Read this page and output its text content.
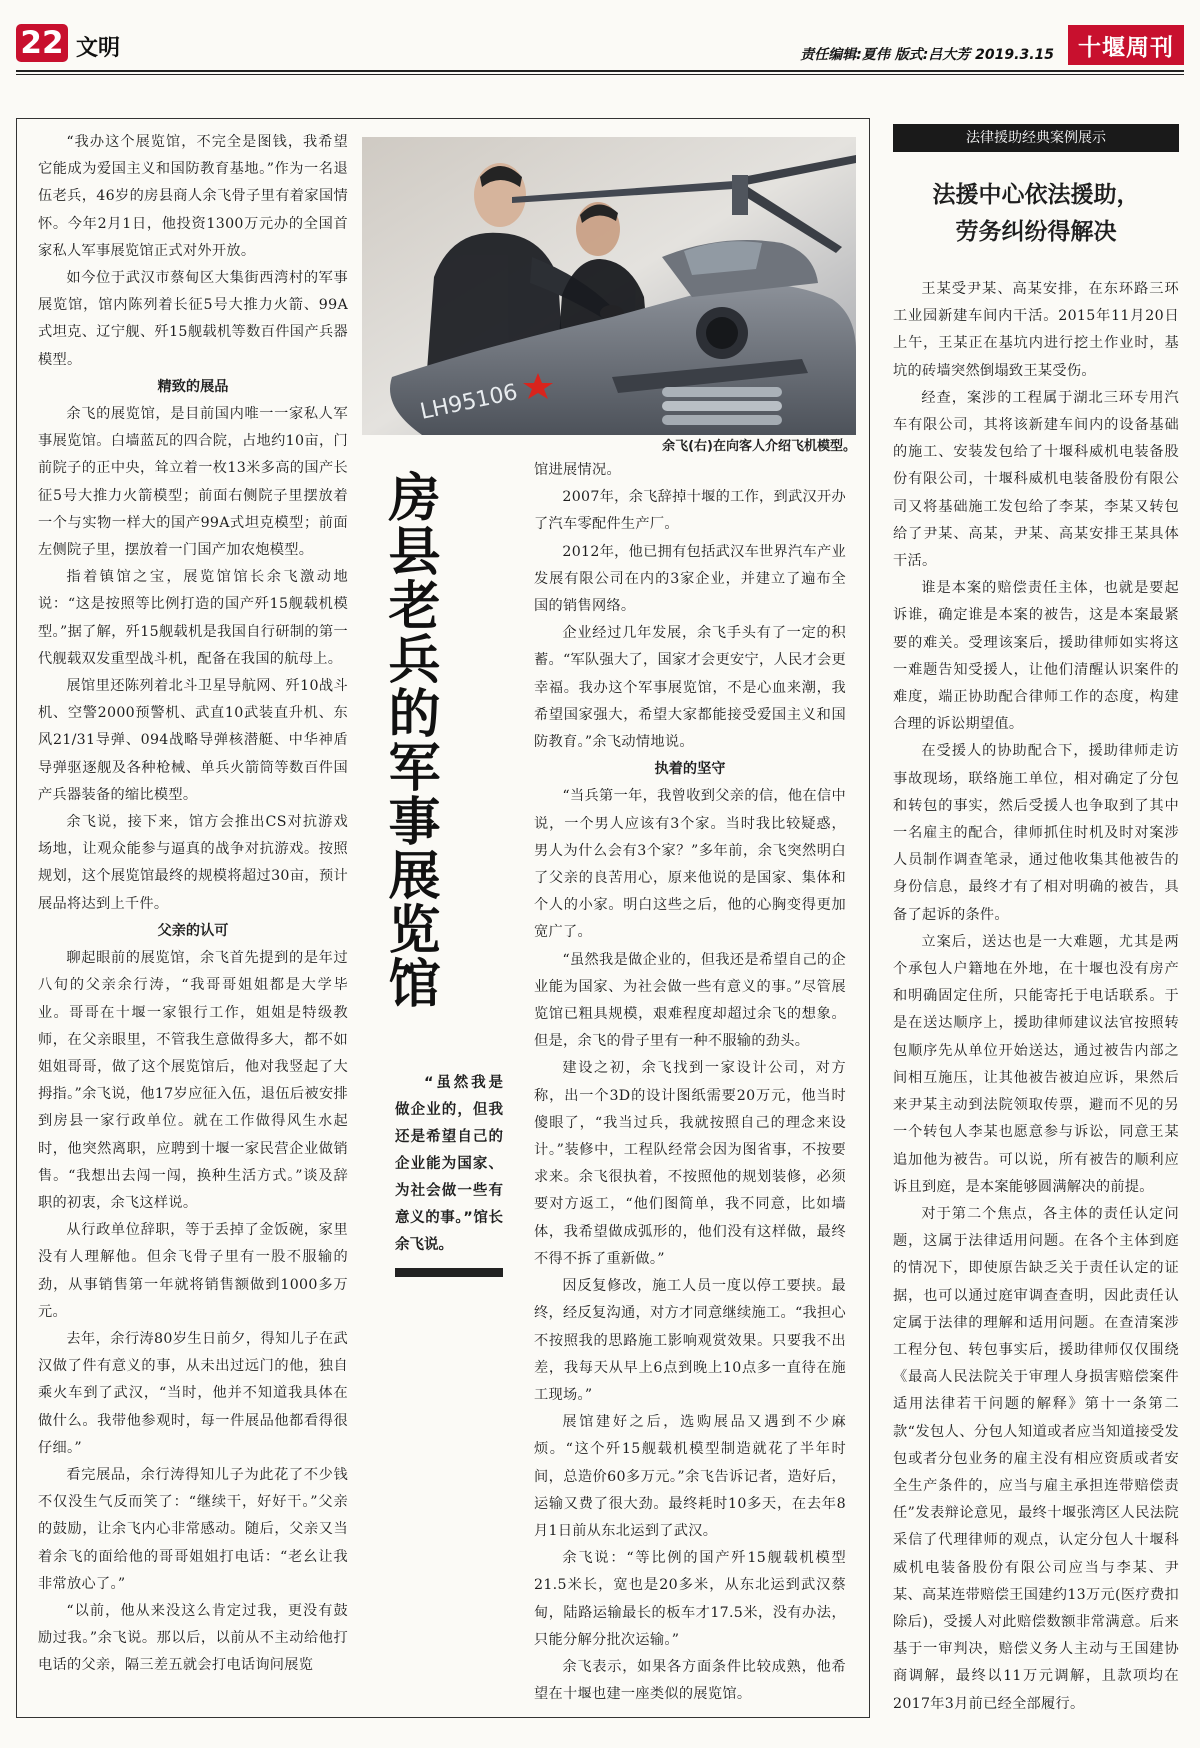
22 文明	责任编辑:夏伟 版式:吕大芳 2019.3.15	十堰周刊

“我办这个展览馆，不完全是图钱，我希望它能成为爱国主义和国防教育基地。”作为一名退伍老兵，46岁的房县商人余飞骨子里有着家国情怀。今年2月1日，他投资1300万元办的全国首家私人军事展览馆正式对外开放。

如今位于武汉市蔡甸区大集街西湾村的军事展览馆，馆内陈列着长征5号大推力火箭、99A式坦克、辽宁舰、歼15舰载机等数百件国产兵器模型。

精致的展品

余飞的展览馆，是目前国内唯一一家私人军事展览馆。白墙蓝瓦的四合院，占地约10亩，门前院子的正中央，耸立着一枚13米多高的国产长征5号大推力火箭模型；前面右侧院子里摆放着一个与实物一样大的国产99A式坦克模型；前面左侧院子里，摆放着一门国产加农炮模型。

指着镇馆之宝，展览馆馆长余飞激动地说：“这是按照等比例打造的国产歼15舰载机模型。”据了解，歼15舰载机是我国自行研制的第一代舰载双发重型战斗机，配备在我国的航母上。

展馆里还陈列着北斗卫星导航网、歼10战斗机、空警2000预警机、武直10武装直升机、东风21/31导弹、094战略导弹核潜艇、中华神盾导弹驱逐舰及各种枪械、单兵火箭筒等数百件国产兵器装备的缩比模型。

余飞说，接下来，馆方会推出CS对抗游戏场地，让观众能参与逼真的战争对抗游戏。按照规划，这个展览馆最终的规模将超过30亩，预计展品将达到上千件。

父亲的认可

聊起眼前的展览馆，余飞首先提到的是年过八旬的父亲余行涛，“我哥哥姐姐都是大学毕业。哥哥在十堰一家银行工作，姐姐是特级教师，在父亲眼里，不管我生意做得多大，都不如姐姐哥哥，做了这个展览馆后，他对我竖起了大拇指。”余飞说，他17岁应征入伍，退伍后被安排到房县一家行政单位。就在工作做得风生水起时，他突然离职，应聘到十堰一家民营企业做销售。“我想出去闯一闯，换种生活方式。”谈及辞职的初衷，余飞这样说。

从行政单位辞职，等于丢掉了金饭碗，家里没有人理解他。但余飞骨子里有一股不服输的劲，从事销售第一年就将销售额做到1000多万元。

去年，余行涛80岁生日前夕，得知儿子在武汉做了件有意义的事，从未出过远门的他，独自乘火车到了武汉，“当时，他并不知道我具体在做什么。我带他参观时，每一件展品他都看得很仔细。”

看完展品，余行涛得知儿子为此花了不少钱不仅没生气反而笑了：“继续干，好好干。”父亲的鼓励，让余飞内心非常感动。随后，父亲又当着余飞的面给他的哥哥姐姐打电话：“老幺让我非常放心了。”

“以前，他从来没这么肯定过我，更没有鼓励过我。”余飞说。那以后，以前从不主动给他打电话的父亲，隔三差五就会打电话询问展览

LH95106
余飞(右)在向客人介绍飞机模型。
房县老兵的军事展览馆
“虽然我是做企业的，但我还是希望自己的企业能为国家、为社会做一些有意义的事。”馆长余飞说。

馆进展情况。

2007年，余飞辞掉十堰的工作，到武汉开办了汽车零配件生产厂。

2012年，他已拥有包括武汉车世界汽车产业发展有限公司在内的3家企业，并建立了遍布全国的销售网络。

企业经过几年发展，余飞手头有了一定的积蓄。“军队强大了，国家才会更安宁，人民才会更幸福。我办这个军事展览馆，不是心血来潮，我希望国家强大，希望大家都能接受爱国主义和国防教育。”余飞动情地说。

执着的坚守

“当兵第一年，我曾收到父亲的信，他在信中说，一个男人应该有3个家。当时我比较疑惑，男人为什么会有3个家？”多年前，余飞突然明白了父亲的良苦用心，原来他说的是国家、集体和个人的小家。明白这些之后，他的心胸变得更加宽广了。

“虽然我是做企业的，但我还是希望自己的企业能为国家、为社会做一些有意义的事。”尽管展览馆已粗具规模，艰难程度却超过余飞的想象。但是，余飞的骨子里有一种不服输的劲头。

建设之初，余飞找到一家设计公司，对方称，出一个3D的设计图纸需要20万元，他当时傻眼了，“我当过兵，我就按照自己的理念来设计。”装修中，工程队经常会因为图省事，不按要求来。余飞很执着，不按照他的规划装修，必须要对方返工，“他们图简单，我不同意，比如墙体，我希望做成弧形的，他们没有这样做，最终不得不拆了重新做。”

因反复修改，施工人员一度以停工要挟。最终，经反复沟通，对方才同意继续施工。“我担心不按照我的思路施工影响观赏效果。只要我不出差，我每天从早上6点到晚上10点多一直待在施工现场。”

展馆建好之后，选购展品又遇到不少麻烦。“这个歼15舰载机模型制造就花了半年时间，总造价60多万元。”余飞告诉记者，造好后，运输又费了很大劲。最终耗时10多天，在去年8月1日前从东北运到了武汉。

余飞说：“等比例的国产歼15舰载机模型21.5米长，宽也是20多米，从东北运到武汉蔡甸，陆路运输最长的板车才17.5米，没有办法，只能分解分批次运输。”

余飞表示，如果各方面条件比较成熟，他希望在十堰也建一座类似的展览馆。

法律援助经典案例展示
法援中心依法援助，
劳务纠纷得解决

王某受尹某、高某安排，在东环路三环工业园新建车间内干活。2015年11月20日上午，王某正在基坑内进行挖土作业时，基坑的砖墙突然倒塌致王某受伤。

经查，案涉的工程属于湖北三环专用汽车有限公司，其将该新建车间内的设备基础的施工、安装发包给了十堰科威机电装备股份有限公司，十堰科威机电装备股份有限公司又将基础施工发包给了李某，李某又转包给了尹某、高某，尹某、高某安排王某具体干活。

谁是本案的赔偿责任主体，也就是要起诉谁，确定谁是本案的被告，这是本案最紧要的难关。受理该案后，援助律师如实将这一难题告知受援人，让他们清醒认识案件的难度，端正协助配合律师工作的态度，构建合理的诉讼期望值。

在受援人的协助配合下，援助律师走访事故现场，联络施工单位，相对确定了分包和转包的事实，然后受援人也争取到了其中一名雇主的配合，律师抓住时机及时对案涉人员制作调查笔录，通过他收集其他被告的身份信息，最终才有了相对明确的被告，具备了起诉的条件。

立案后，送达也是一大难题，尤其是两个承包人户籍地在外地，在十堰也没有房产和明确固定住所，只能寄托于电话联系。于是在送达顺序上，援助律师建议法官按照转包顺序先从单位开始送达，通过被告内部之间相互施压，让其他被告被迫应诉，果然后来尹某主动到法院领取传票，避而不见的另一个转包人李某也愿意参与诉讼，同意王某追加他为被告。可以说，所有被告的顺利应诉且到庭，是本案能够圆满解决的前提。

对于第二个焦点，各主体的责任认定问题，这属于法律适用问题。在各个主体到庭的情况下，即使原告缺乏关于责任认定的证据，也可以通过庭审调查查明，因此责任认定属于法律的理解和适用问题。在查清案涉工程分包、转包事实后，援助律师仅仅围绕《最高人民法院关于审理人身损害赔偿案件适用法律若干问题的解释》第十一条第二款“发包人、分包人知道或者应当知道接受发包或者分包业务的雇主没有相应资质或者安全生产条件的，应当与雇主承担连带赔偿责任”发表辩论意见，最终十堰张湾区人民法院采信了代理律师的观点，认定分包人十堰科威机电装备股份有限公司应当与李某、尹某、高某连带赔偿王国建约13万元(医疗费扣除后)，受援人对此赔偿数额非常满意。后来基于一审判决，赔偿义务人主动与王国建协商调解，最终以11万元调解，且款项均在2017年3月前已经全部履行。
